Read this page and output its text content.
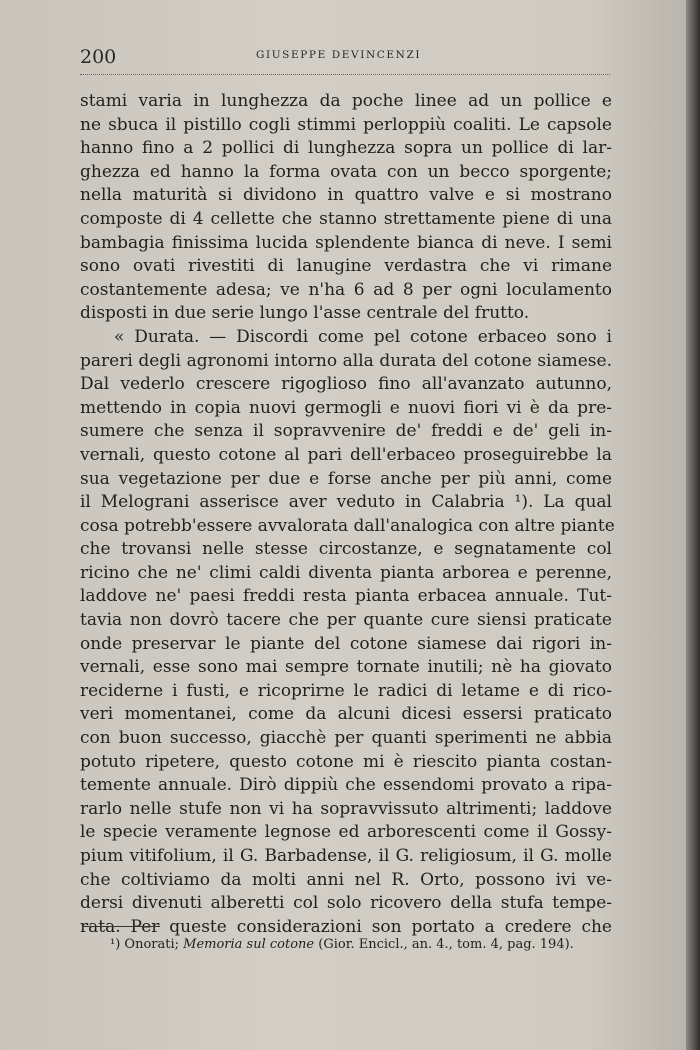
200	GIUSEPPE DEVINCENZI
stami varia in lunghezza da poche linee ad un pollice e
ne sbuca il pistillo cogli stimmi perloppiù coaliti. Le capsole
hanno fino a 2 pollici di lunghezza sopra un pollice di lar-
ghezza ed hanno la forma ovata con un becco sporgente;
nella maturità si dividono in quattro valve e si mostrano
composte di 4 cellette che stanno strettamente piene di una
bambagia finissima lucida splendente bianca di neve. I semi
sono ovati rivestiti di lanugine verdastra che vi rimane
costantemente adesa; ve n'ha 6 ad 8 per ogni loculamento
disposti in due serie lungo l'asse centrale del frutto.
« Durata. — Discordi come pel cotone erbaceo sono i
pareri degli agronomi intorno alla durata del cotone siamese.
Dal vederlo crescere rigoglioso fino all'avanzato autunno,
mettendo in copia nuovi germogli e nuovi fiori vi è da pre-
sumere che senza il sopravvenire de' freddi e de' geli in-
vernali, questo cotone al pari dell'erbaceo proseguirebbe la
sua vegetazione per due e forse anche per più anni, come
il Melograni asserisce aver veduto in Calabria ¹). La qual
cosa potrebb'essere avvalorata dall'analogica con altre piante
che trovansi nelle stesse circostanze, e segnatamente col
ricino che ne' climi caldi diventa pianta arborea e perenne,
laddove ne' paesi freddi resta pianta erbacea annuale. Tut-
tavia non dovrò tacere che per quante cure siensi praticate
onde preservar le piante del cotone siamese dai rigori in-
vernali, esse sono mai sempre tornate inutili; nè ha giovato
reciderne i fusti, e ricoprirne le radici di letame e di rico-
veri momentanei, come da alcuni dicesi essersi praticato
con buon successo, giacchè per quanti sperimenti ne abbia
potuto ripetere, questo cotone mi è riescito pianta costan-
temente annuale. Dirò dippiù che essendomi provato a ripa-
rarlo nelle stufe non vi ha sopravvissuto altrimenti; laddove
le specie veramente legnose ed arborescenti come il Gossy-
pium vitifolium, il G. Barbadense, il G. religiosum, il G. molle
che coltiviamo da molti anni nel R. Orto, possono ivi ve-
dersi divenuti alberetti col solo ricovero della stufa tempe-
rata. Per queste considerazioni son portato a credere che
¹) Onorati; Memoria sul cotone (Gior. Encicl., an. 4., tom. 4, pag. 194).
